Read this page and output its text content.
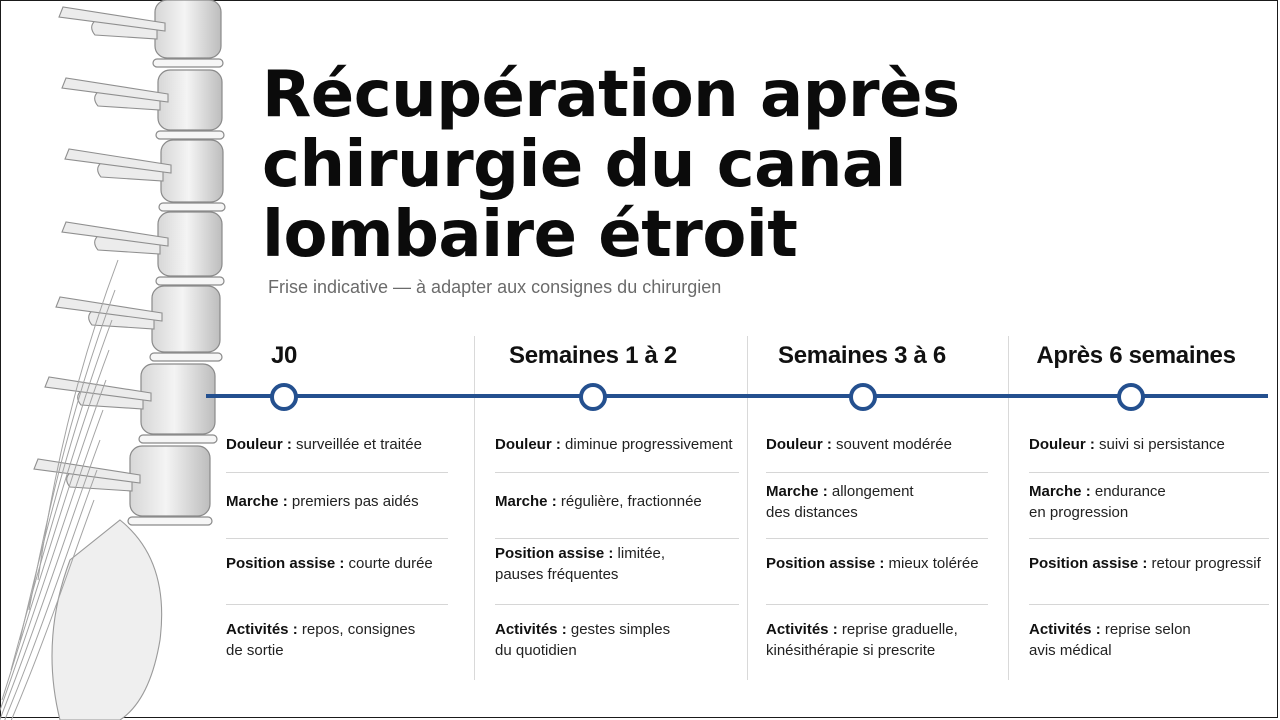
Récupération après
chirurgie du canal
lombaire étroit

Frise indicative — à adapter aux consignes du chirurgien

J0
Douleur : surveillée et traitée
Marche : premiers pas aidés
Position assise : courte durée
Activités : repos, consignes
de sortie
Semaines 1 à 2
Douleur : diminue progressivement
Marche : régulière, fractionnée
Position assise : limitée,
pauses fréquentes
Activités : gestes simples
du quotidien
Semaines 3 à 6
Douleur : souvent modérée
Marche : allongement
des distances
Position assise : mieux tolérée
Activités : reprise graduelle,
kinésithérapie si prescrite
Après 6 semaines
Douleur : suivi si persistance
Marche : endurance
en progression
Position assise : retour progressif
Activités : reprise selon
avis médical
